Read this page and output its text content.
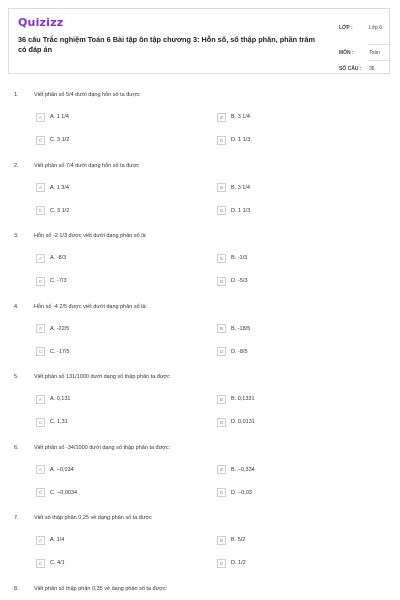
Quizizz
36 câu Trắc nghiệm Toán 6 Bài tập ôn tập chương 3: Hỗn số, số thập phân, phần trăm có đáp án
LỚP :	Lớp 6
MÔN :	Toán
SỐ CÂU :	36
1.	Viết phân số 5/4 dưới dạng hỗn số ta được:
A	A. 1 1/4	B	B. 3 1/4
C	C. 3 1/2	D	D. 1 1/3
2.	Viết phân số 7/4 dưới dạng hỗn số ta được
A	A. 1 3/4	B	B. 3 1/4
C	C. 3 1/2	D	D. 1 1/3
3.	Hỗn số -2 1/3 được viết dưới dạng phân số là
A	A. -8/3	B	B. -1/3
C	C. -7/3	D	D. -5/3
4.	Hỗn số -4 2/5 được viết dưới dạng phân số là:
A	A. -22/5	B	B. -18/5
C	C. -17/5	D	D. -8/5
5.	Viết phân số 131/1000 dưới dạng số thập phân ta được
A	A. 0,131	B	B. 0,1331
C	C. 1,31	D	D. 0,0131
6.	Viết phân số -34/1000 dưới dạng số thập phân ta được:
A	A. −0,034	B	B. −0,334
C	C. −0,0034	D	D. −0,03
7.	Viết số thập phân 0,25 về dạng phân số ta được
A	A. 1/4	B	B. 5/2
C	C. 4/1	D	D. 1/2
8.	Viết phân số thập phân 0,35 về dạng phân số ta được:
